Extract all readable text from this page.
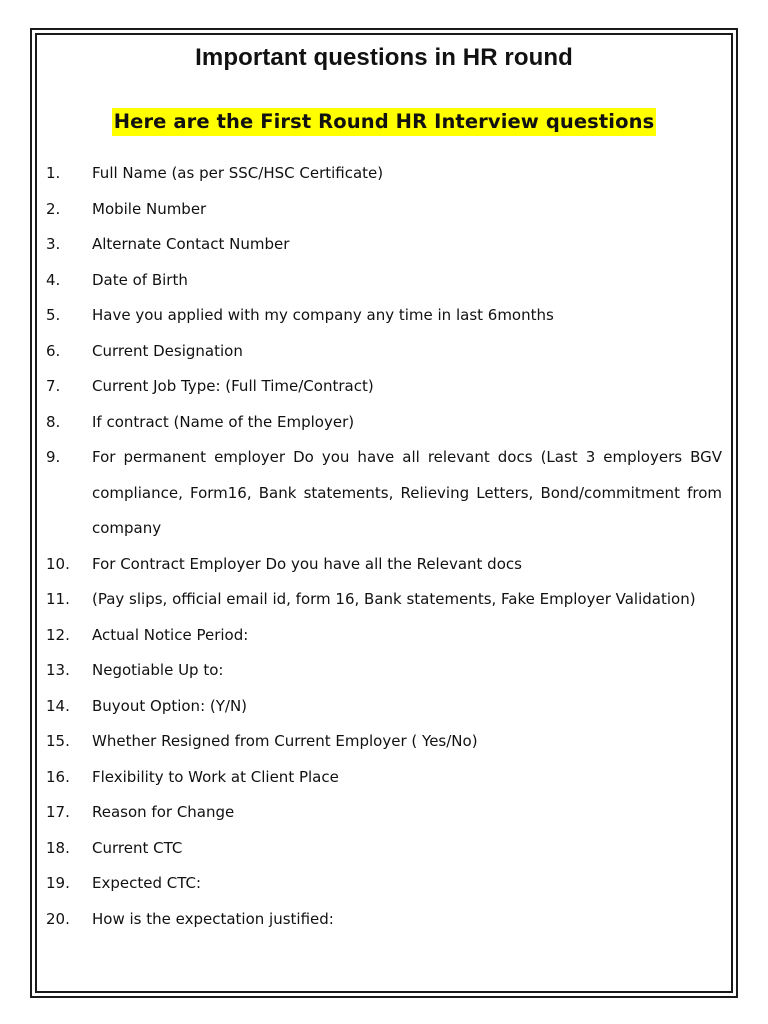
Important questions in HR round
Here are the First Round HR Interview questions
1.	Full Name (as per SSC/HSC Certificate)
2.	Mobile Number
3.	Alternate Contact Number
4.	Date of Birth
5.	Have you applied with my company any time in last 6months
6.	Current Designation
7.	Current Job Type: (Full Time/Contract)
8.	If contract (Name of the Employer)
9.	For permanent employer Do you have all relevant docs (Last 3 employers BGV compliance, Form16, Bank statements, Relieving Letters, Bond/commitment from company
10.	For Contract Employer Do you have all the Relevant docs
11.	(Pay slips, official email id, form 16, Bank statements, Fake Employer Validation)
12.	Actual Notice Period:
13.	Negotiable Up to:
14.	Buyout Option: (Y/N)
15.	Whether Resigned from Current Employer ( Yes/No)
16.	Flexibility to Work at Client Place
17.	Reason for Change
18.	Current CTC
19.	Expected CTC:
20.	How is the expectation justified:
